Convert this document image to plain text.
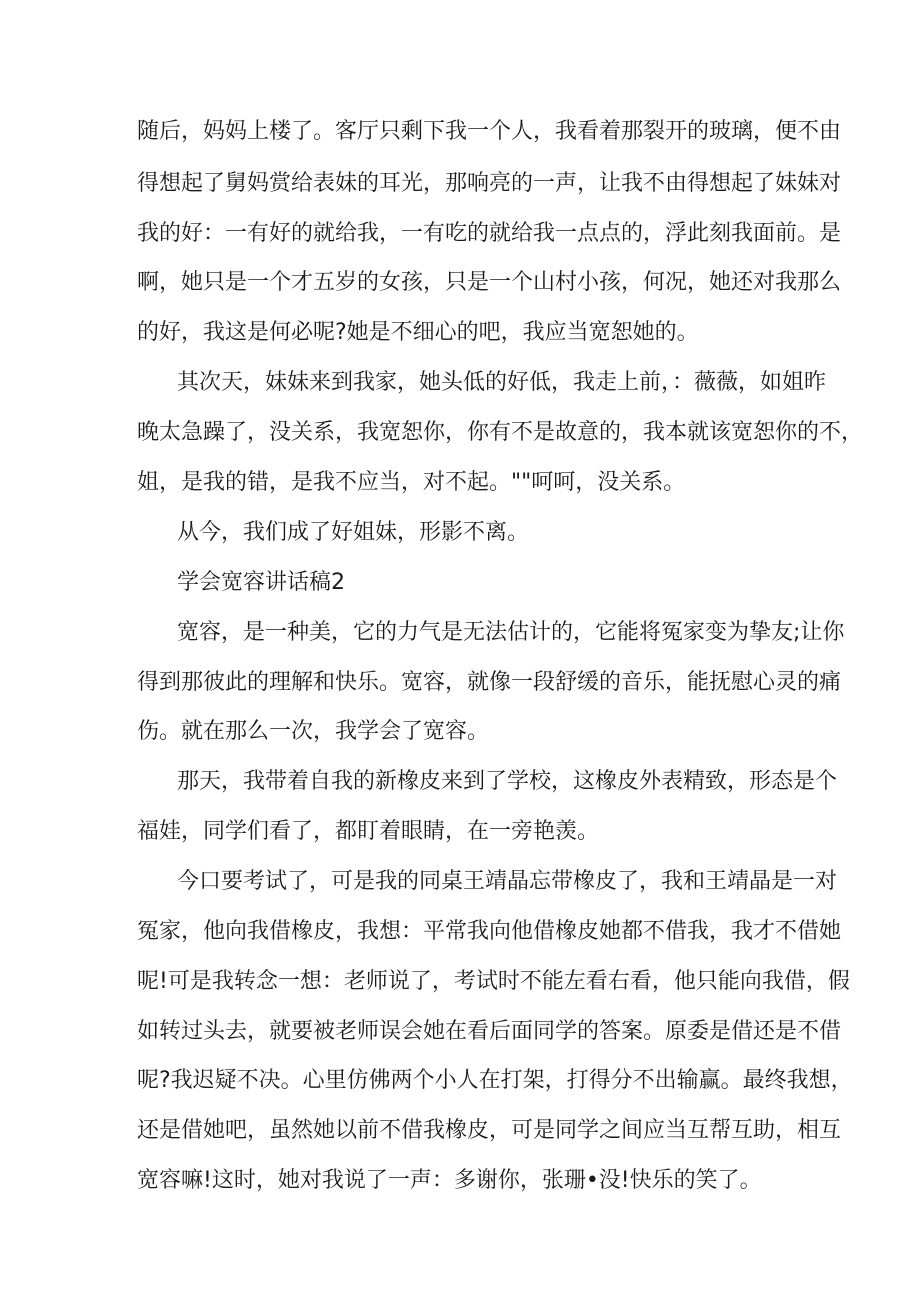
随后，妈妈上楼了。客厅只剩下我一个人，我看着那裂开的玻璃，便不由
得想起了舅妈赏给表妹的耳光，那响亮的一声，让我不由得想起了妹妹对
我的好：一有好的就给我，一有吃的就给我一点点的，浮此刻我面前。是
啊，她只是一个才五岁的女孩，只是一个山村小孩，何况，她还对我那么
的好，我这是何必呢?她是不细心的吧，我应当宽恕她的。
其次天，妹妹来到我家，她头低的好低，我走上前，：薇薇，如姐昨
晚太急躁了，没关系，我宽恕你，你有不是故意的，我本就该宽恕你的不，
姐，是我的错，是我不应当，对不起。""呵呵，没关系。
从今，我们成了好姐妹，形影不离。
学会宽容讲话稿2
宽容，是一种美，它的力气是无法估计的，它能将冤家变为挚友;让你
得到那彼此的理解和快乐。宽容，就像一段舒缓的音乐，能抚慰心灵的痛
伤。就在那么一次，我学会了宽容。
那天，我带着自我的新橡皮来到了学校，这橡皮外表精致，形态是个
福娃，同学们看了，都盯着眼睛，在一旁艳羡。
今口要考试了，可是我的同桌王靖晶忘带橡皮了，我和王靖晶是一对
冤家，他向我借橡皮，我想：平常我向他借橡皮她都不借我，我才不借她
呢!可是我转念一想：老师说了，考试时不能左看右看，他只能向我借，假
如转过头去，就要被老师误会她在看后面同学的答案。原委是借还是不借
呢?我迟疑不决。心里仿佛两个小人在打架，打得分不出输赢。最终我想，
还是借她吧，虽然她以前不借我橡皮，可是同学之间应当互帮互助，相互
宽容嘛!这时，她对我说了一声：多谢你，张珊•没!快乐的笑了。
